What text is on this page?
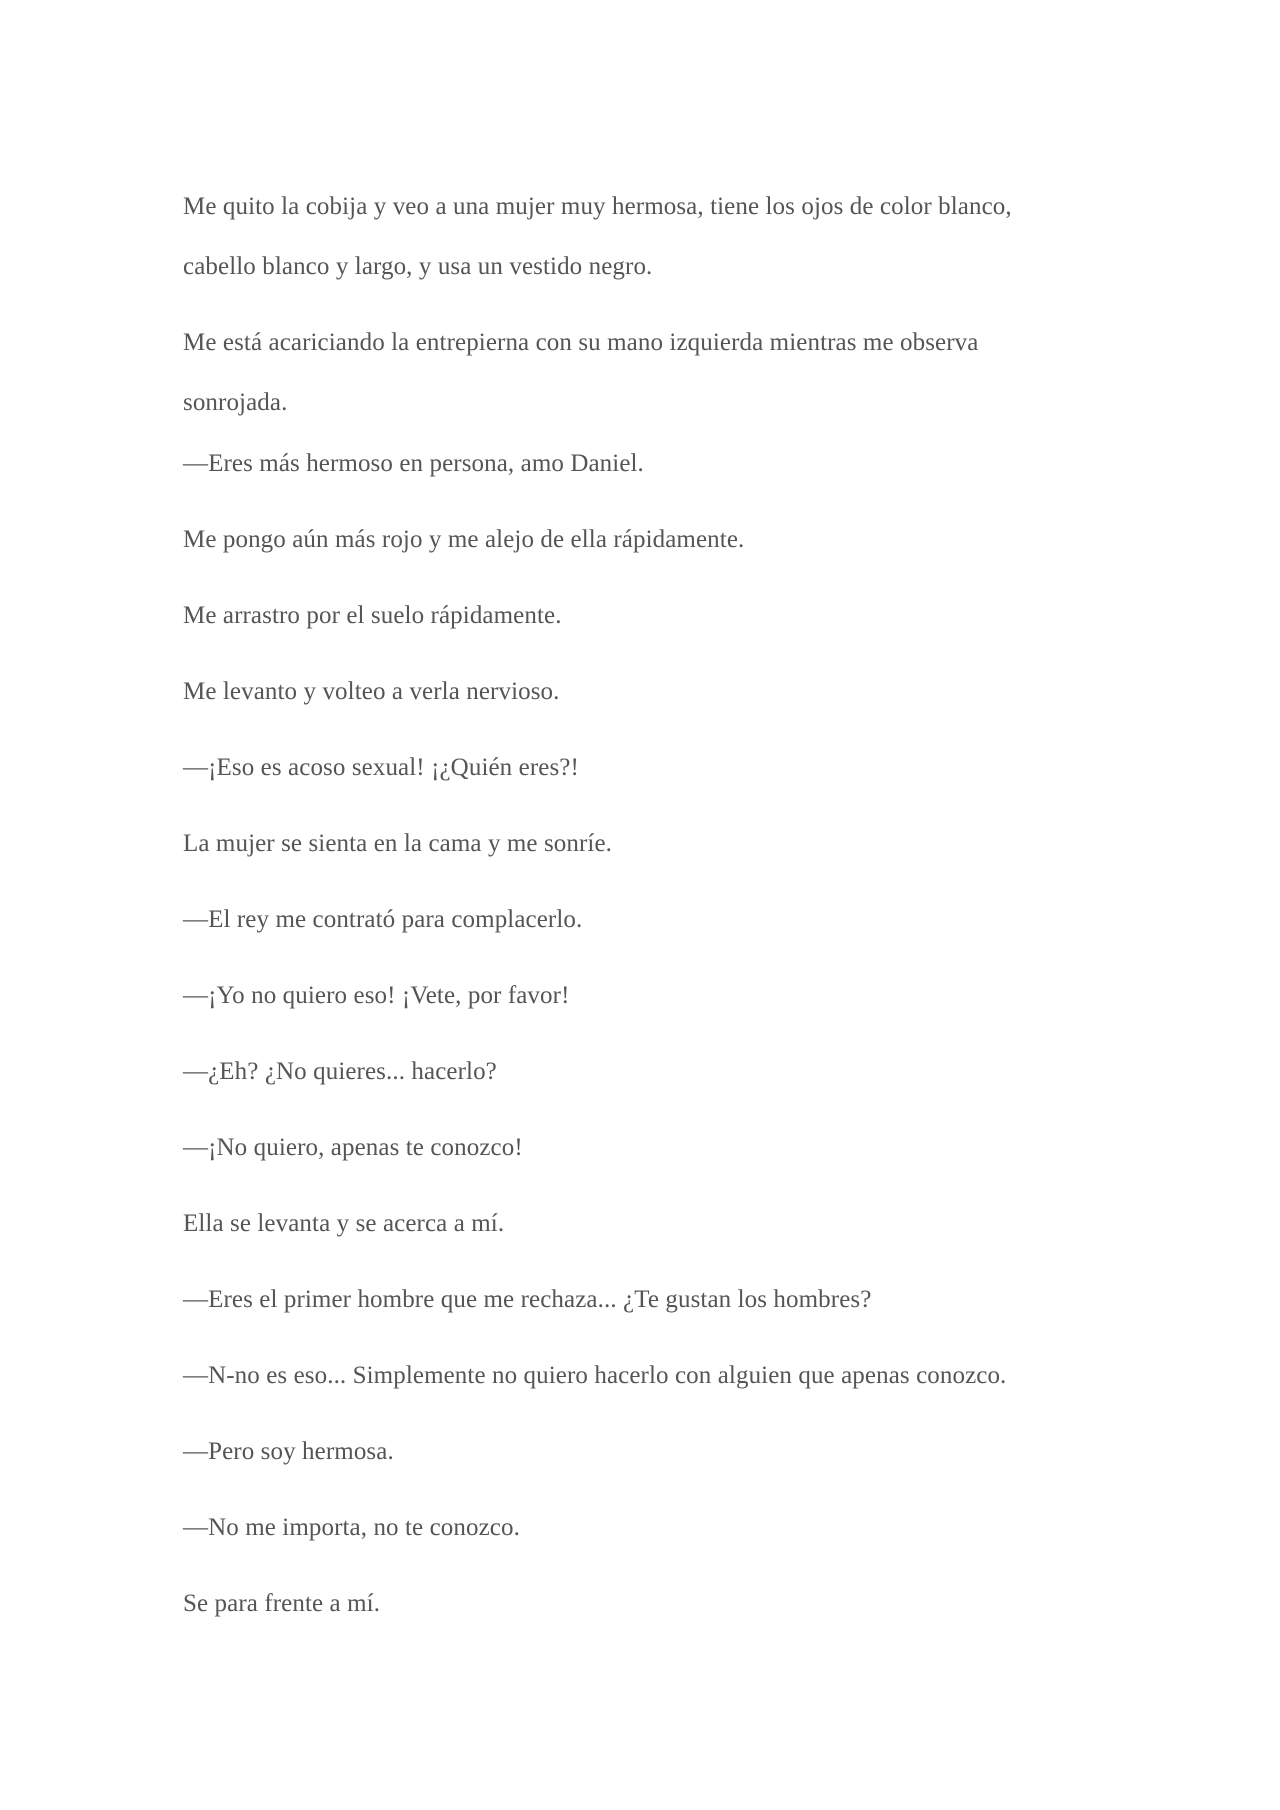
Me quito la cobija y veo a una mujer muy hermosa, tiene los ojos de color blanco, cabello blanco y largo, y usa un vestido negro.

Me está acariciando la entrepierna con su mano izquierda mientras me observa sonrojada.

—Eres más hermoso en persona, amo Daniel.

Me pongo aún más rojo y me alejo de ella rápidamente.

Me arrastro por el suelo rápidamente.

Me levanto y volteo a verla nervioso.

—¡Eso es acoso sexual! ¡¿Quién eres?!

La mujer se sienta en la cama y me sonríe.

—El rey me contrató para complacerlo.

—¡Yo no quiero eso! ¡Vete, por favor!

—¿Eh? ¿No quieres... hacerlo?

—¡No quiero, apenas te conozco!

Ella se levanta y se acerca a mí.

—Eres el primer hombre que me rechaza... ¿Te gustan los hombres?

—N-no es eso... Simplemente no quiero hacerlo con alguien que apenas conozco.

—Pero soy hermosa.

—No me importa, no te conozco.

Se para frente a mí.
